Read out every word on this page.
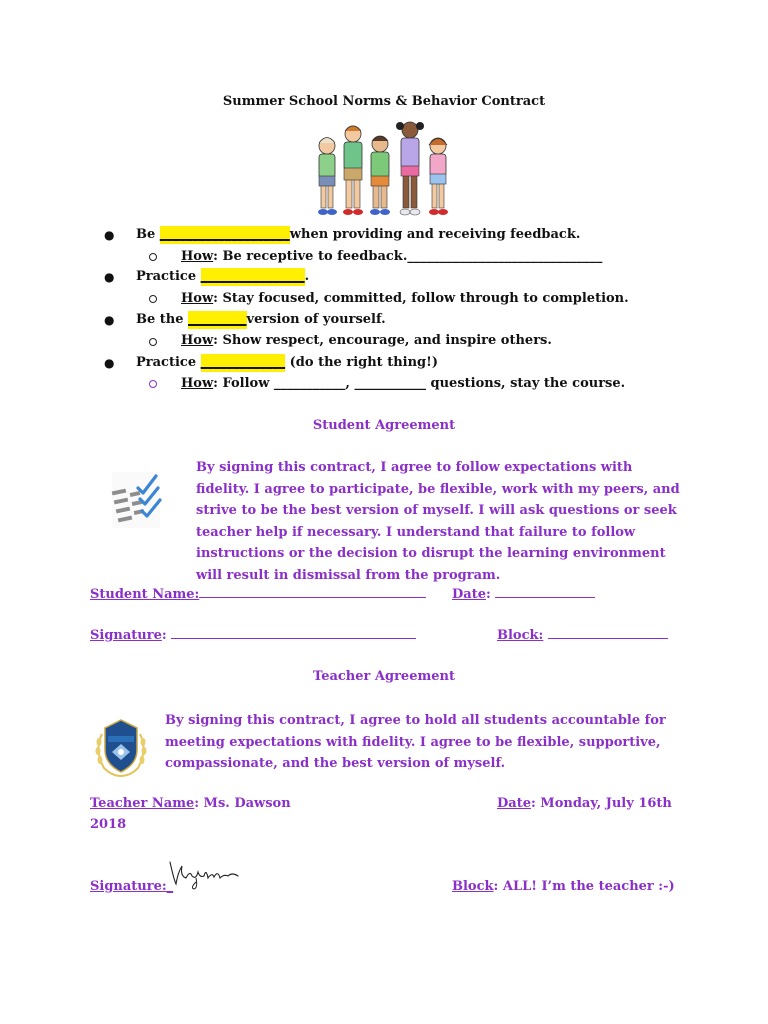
Summer School Norms & Behavior Contract
● Be ____________________when providing and receiving feedback.
How: Be receptive to feedback.______________________________
● Practice ________________.
How: Stay focused, committed, follow through to completion.
● Be the _________version of yourself.
How: Show respect, encourage, and inspire others.
● Practice _____________ (do the right thing!)
How: Follow ___________, ___________ questions, stay the course.
Student Agreement
By signing this contract, I agree to follow expectations with fidelity. I agree to participate, be flexible, work with my peers, and strive to be the best version of myself. I will ask questions or seek teacher help if necessary. I understand that failure to follow instructions or the decision to disrupt the learning environment will result in dismissal from the program.
Student Name:	Date:
Signature:	Block:
Teacher Agreement
By signing this contract, I agree to hold all students accountable for meeting expectations with fidelity. I agree to be flexible, supportive, compassionate, and the best version of myself.
Teacher Name: Ms. Dawson	Date: Monday, July 16th
2018
Signature:_	Block: ALL! I’m the teacher :-)
